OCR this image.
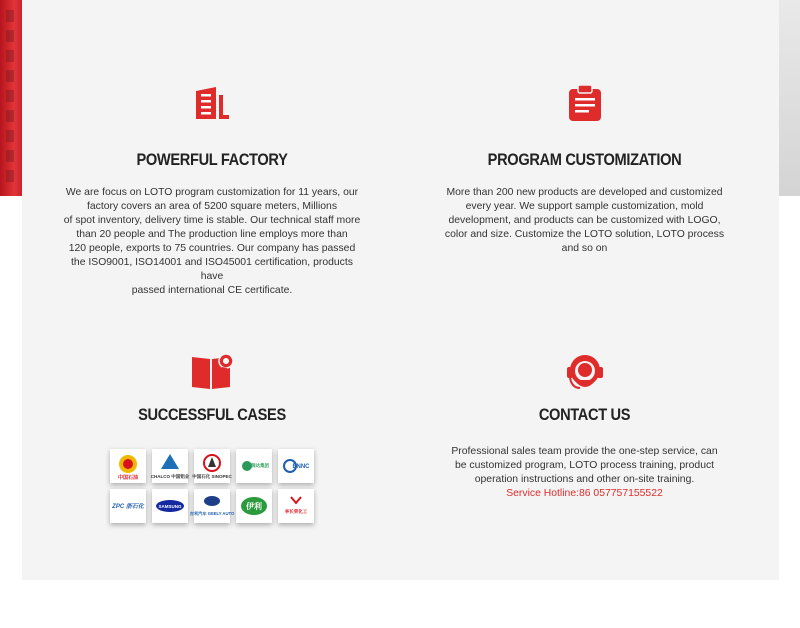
POWERFUL FACTORY
We are focus on LOTO program customization for 11 years, our
factory covers an area of 5200 square meters, Millions
of spot inventory, delivery time is stable. Our technical staff more
than 20 people and The production line employs more than
120 people, exports to 75 countries. Our company has passed
the ISO9001, ISO14001 and ISO45001 certification, products have
passed international CE certificate.
PROGRAM CUSTOMIZATION
More than 200 new products are developed and customized
every year. We support sample customization, mold
development, and products can be customized with LOGO,
color and size. Customize the LOTO solution, LOTO process
and so on
SUCCESSFUL CASES
中国石油	CHALCO 中国铝业 中国石化 SINOPEC
瑞达集团	ENNC
ZPC 浙石化	SAMSUNG
吉利汽车 GEELY AUTO
伊利
李长荣化工
CONTACT US
Professional sales team provide the one-step service, can
be customized program, LOTO process training, product
operation instructions and other on-site training.
Service Hotline:86 057757155522
